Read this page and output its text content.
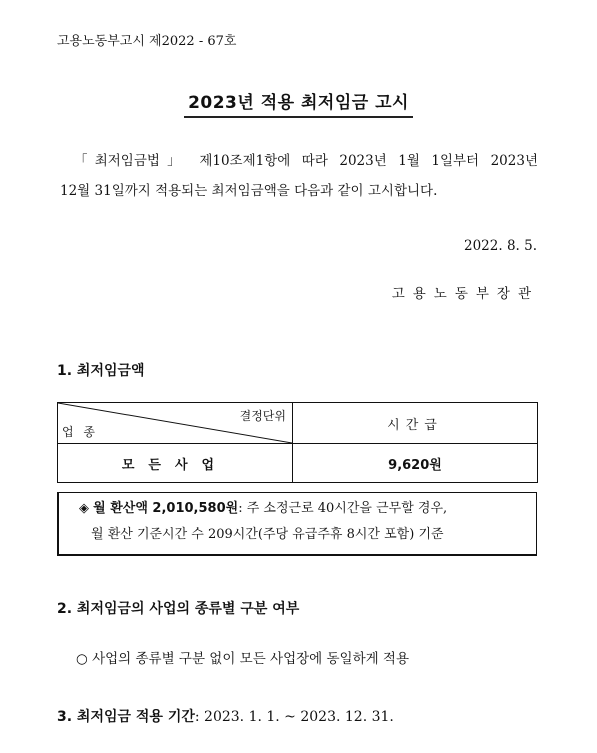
고용노동부고시 제2022 - 67호
2023년 적용 최저임금 고시
「최저임금법」 제10조제1항에 따라 2023년 1월 1일부터 2023년
12월 31일까지 적용되는 최저임금액을 다음과 같이 고시합니다.
2022. 8. 5.
고용노동부장관
1. 최저임금액
결정단위
업 종	시간급
모든사업	9,620원
◈ 월 환산액 2,010,580원: 주 소정근로 40시간을 근무할 경우,
월 환산 기준시간 수 209시간(주당 유급주휴 8시간 포함) 기준
2. 최저임금의 사업의 종류별 구분 여부
○ 사업의 종류별 구분 없이 모든 사업장에 동일하게 적용
3. 최저임금 적용 기간: 2023. 1. 1. ~ 2023. 12. 31.
